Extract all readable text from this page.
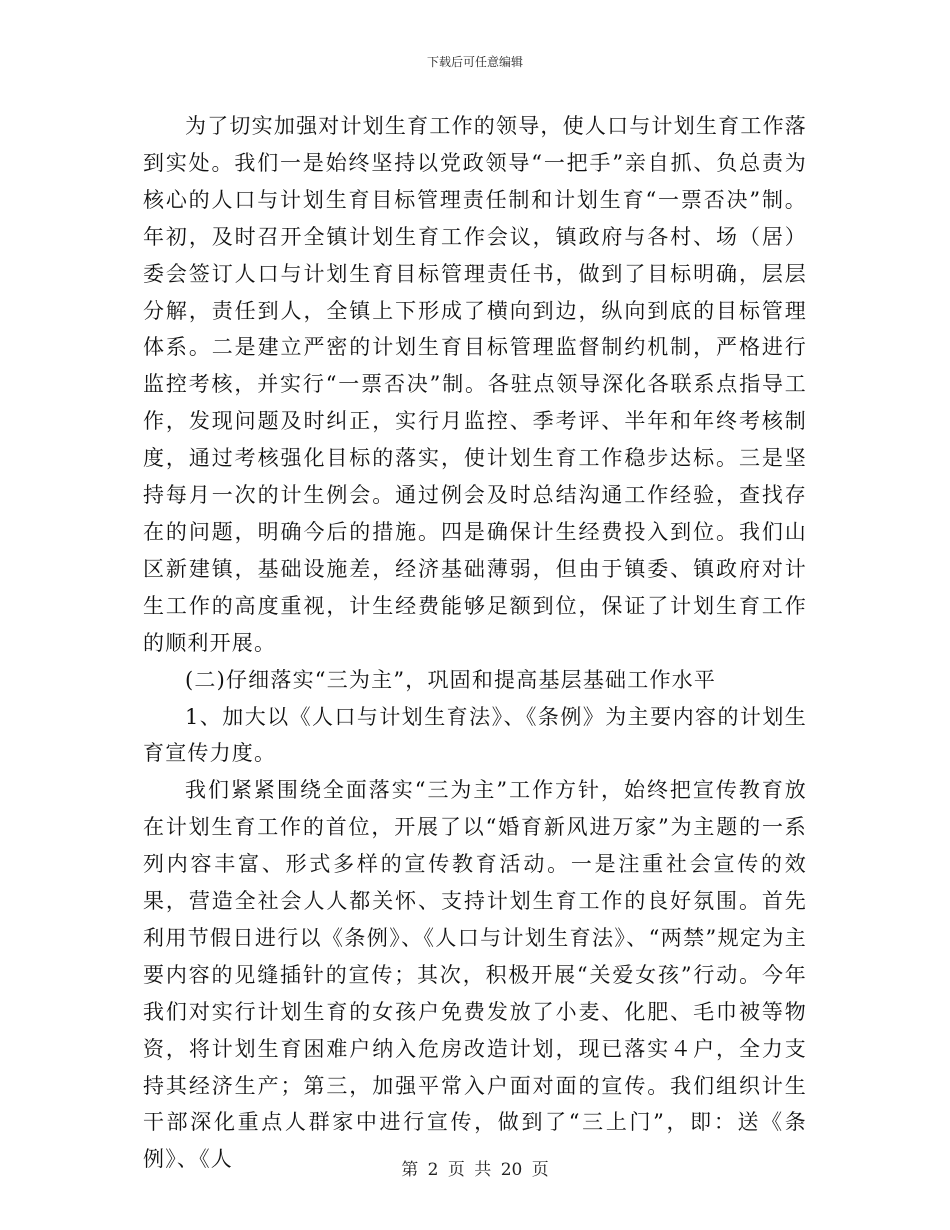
下载后可任意编辑

为了切实加强对计划生育工作的领导，使人口与计划生育工作落到实处。我们一是始终坚持以党政领导“一把手”亲自抓、负总责为核心的人口与计划生育目标管理责任制和计划生育“一票否决”制。年初，及时召开全镇计划生育工作会议，镇政府与各村、场（居）委会签订人口与计划生育目标管理责任书，做到了目标明确，层层分解，责任到人，全镇上下形成了横向到边，纵向到底的目标管理体系。二是建立严密的计划生育目标管理监督制约机制，严格进行监控考核，并实行“一票否决”制。各驻点领导深化各联系点指导工作，发现问题及时纠正，实行月监控、季考评、半年和年终考核制度，通过考核强化目标的落实，使计划生育工作稳步达标。三是坚持每月一次的计生例会。通过例会及时总结沟通工作经验，查找存在的问题，明确今后的措施。四是确保计生经费投入到位。我们山区新建镇，基础设施差，经济基础薄弱，但由于镇委、镇政府对计生工作的高度重视，计生经费能够足额到位，保证了计划生育工作的顺利开展。

(二)仔细落实“三为主”，巩固和提高基层基础工作水平

1、加大以《人口与计划生育法》、《条例》为主要内容的计划生育宣传力度。

我们紧紧围绕全面落实“三为主”工作方针，始终把宣传教育放在计划生育工作的首位，开展了以“婚育新风进万家”为主题的一系列内容丰富、形式多样的宣传教育活动。一是注重社会宣传的效果，营造全社会人人都关怀、支持计划生育工作的良好氛围。首先利用节假日进行以《条例》、《人口与计划生育法》、“两禁”规定为主要内容的见缝插针的宣传；其次，积极开展“关爱女孩”行动。今年我们对实行计划生育的女孩户免费发放了小麦、化肥、毛巾被等物资，将计划生育困难户纳入危房改造计划，现已落实４户，全力支持其经济生产；第三，加强平常入户面对面的宣传。我们组织计生干部深化重点人群家中进行宣传，做到了“三上门”，即：送《条例》、《人	第 2 页 共 20 页
